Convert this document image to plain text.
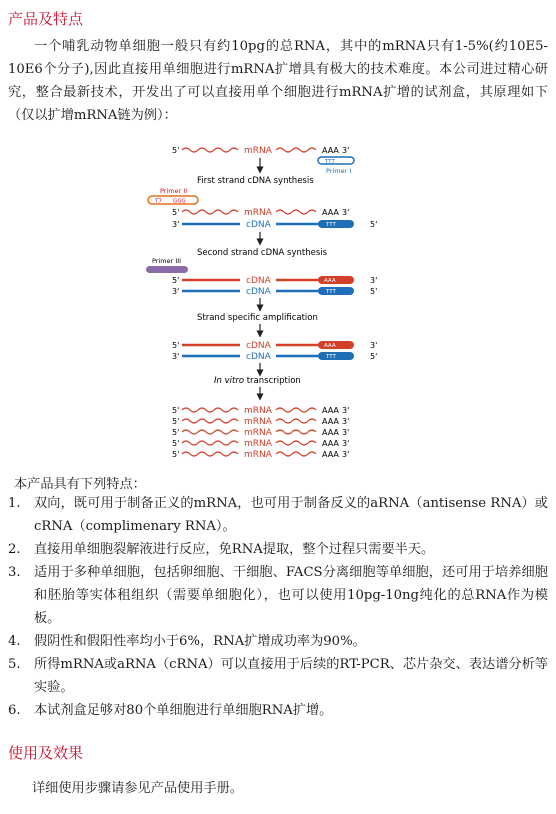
产品及特点
一个哺乳动物单细胞一般只有约10pg的总RNA，其中的mRNA只有1-5%(约10E5-10E6个分子),因此直接用单细胞进行mRNA扩增具有极大的技术难度。本公司进过精心研究，整合最新技术，开发出了可以直接用单个细胞进行mRNA扩增的试剂盒，其原理如下（仅以扩增mRNA链为例）：
5'	mRNA	AAA 3'
TTT
Primer I
First strand cDNA synthesis
Primer II
T7 GGG
5'	mRNA	AAA 3'
3'	cDNA	TTT	5'
Second strand cDNA synthesis
Primer III
5'	cDNA	AAA	3'
3'	cDNA	TTT	5'
Strand specific amplification
5'	cDNA	AAA	3'
3'	cDNA	TTT	5'
In vitro transcription
5'	mRNA	AAA 3'
5'	mRNA	AAA 3'
5'	mRNA	AAA 3'
5'	mRNA	AAA 3'
5'	mRNA	AAA 3'
本产品具有下列特点：
1. 双向，既可用于制备正义的mRNA，也可用于制备反义的aRNA（antisense RNA）或cRNA（complimenary RNA）。
2. 直接用单细胞裂解液进行反应，免RNA提取，整个过程只需要半天。
3. 适用于多种单细胞，包括卵细胞、干细胞、FACS分离细胞等单细胞，还可用于培养细胞和胚胎等实体租组织（需要单细胞化），也可以使用10pg-10ng纯化的总RNA作为模板。
4. 假阴性和假阳性率均小于6%，RNA扩增成功率为90%。
5. 所得mRNA或aRNA（cRNA）可以直接用于后续的RT-PCR、芯片杂交、表达谱分析等实验。
6. 本试剂盒足够对80个单细胞进行单细胞RNA扩增。
使用及效果
详细使用步骤请参见产品使用手册。
